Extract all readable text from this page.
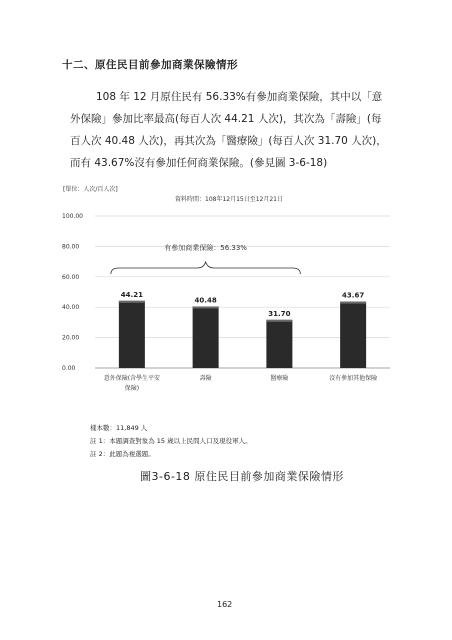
十二、原住民目前參加商業保險情形
108 年 12 月原住民有 56.33%有參加商業保險，其中以「意
外保險」參加比率最高(每百人次 44.21 人次)，其次為「壽險」(每
百人次 40.48 人次)，再其次為「醫療險」(每百人次 31.70 人次)，
而有 43.67%沒有參加任何商業保險。(參見圖 3-6-18)
[單位：人次/百人次]
資料時間：108年12月15日至12月21日
0.00
20.00
40.00
60.00
80.00
100.00
44.21
意外保險(含學生平安
保險)
40.48
壽險
31.70
醫療險
43.67
沒有參加其他保險
有參加商業保險：56.33%
樣本數：11,849 人
註 1：本題調查對象為 15 歲以上民間人口及現役軍人。
註 2：此題為複選題。
圖3-6-18 原住民目前參加商業保險情形
162
